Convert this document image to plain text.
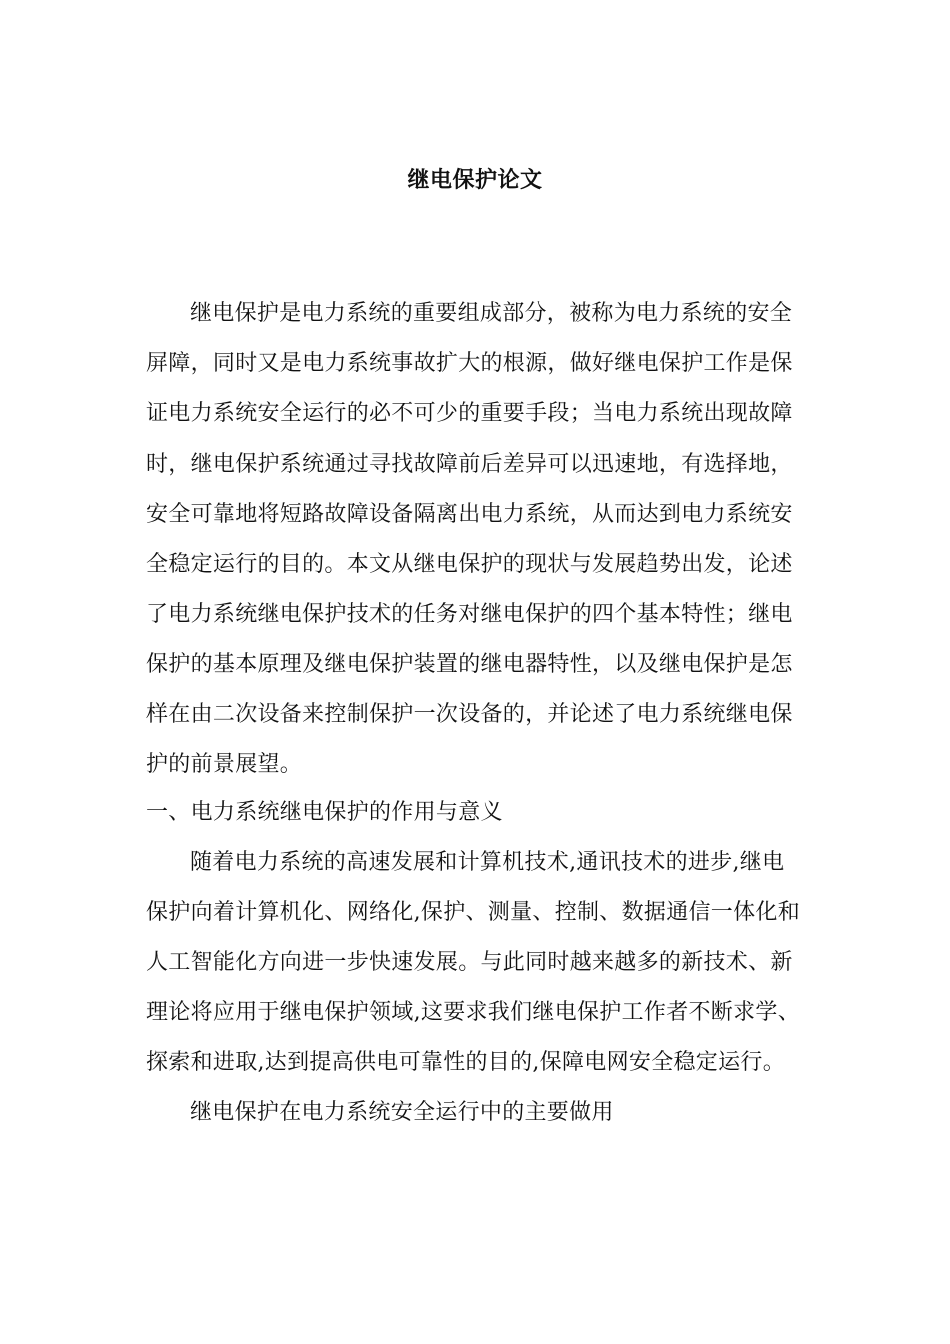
继电保护论文
继电保护是电力系统的重要组成部分，被称为电力系统的安全
屏障，同时又是电力系统事故扩大的根源，做好继电保护工作是保
证电力系统安全运行的必不可少的重要手段；当电力系统出现故障
时，继电保护系统通过寻找故障前后差异可以迅速地，有选择地，
安全可靠地将短路故障设备隔离出电力系统，从而达到电力系统安
全稳定运行的目的。本文从继电保护的现状与发展趋势出发，论述
了电力系统继电保护技术的任务对继电保护的四个基本特性；继电
保护的基本原理及继电保护装置的继电器特性，以及继电保护是怎
样在由二次设备来控制保护一次设备的，并论述了电力系统继电保
护的前景展望。
一、电力系统继电保护的作用与意义
随着电力系统的高速发展和计算机技术,通讯技术的进步,继电
保护向着计算机化、网络化,保护、测量、控制、数据通信一体化和
人工智能化方向进一步快速发展。与此同时越来越多的新技术、新
理论将应用于继电保护领域,这要求我们继电保护工作者不断求学、
探索和进取,达到提高供电可靠性的目的,保障电网安全稳定运行。
继电保护在电力系统安全运行中的主要做用
